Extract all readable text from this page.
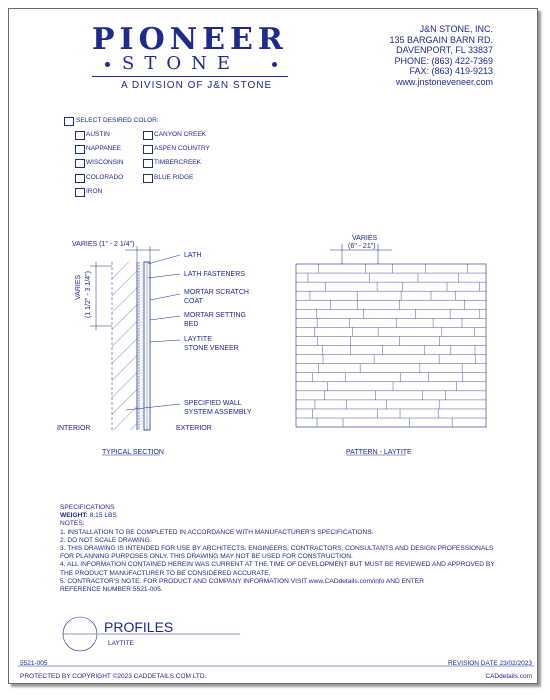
PIONEER
STONE
A DIVISION OF J&N STONE
J&N STONE, INC.
135 BARGAIN BARN RD.
DAVENPORT, FL 33837
PHONE: (863) 422-7369
FAX: (863) 419-9213
www.jnstoneveneer.com
SELECT DESIRED COLOR:
AUSTIN
NAPPANEE
WISCONSIN
COLORADO
IRON
CANYON CREEK
ASPEN COUNTRY
TIMBERCREEK
BLUE RIDGE
VARIES (1" - 2 1/4")
VARIES (1 1/2" - 3 1/4")
LATH
LATH FASTENERS
MORTAR SCRATCH
COAT
MORTAR SETTING
BED
LAYTITE
STONE VENEER
SPECIFIED WALL
SYSTEM ASSEMBLY
INTERIOR	EXTERIOR
TYPICAL SECTION
VARIES
(6" - 21")
PATTERN - LAYTITE
SPECIFICATIONS
WEIGHT: 8.15 LBS
NOTES:
1. INSTALLATION TO BE COMPLETED IN ACCORDANCE WITH MANUFACTURER'S SPECIFICATIONS.
2. DO NOT SCALE DRAWING.
3. THIS DRAWING IS INTENDED FOR USE BY ARCHITECTS, ENGINEERS, CONTRACTORS, CONSULTANTS AND DESIGN PROFESSIONALS
FOR PLANNING PURPOSES ONLY. THIS DRAWING MAY NOT BE USED FOR CONSTRUCTION.
4. ALL INFORMATION CONTAINED HEREIN WAS CURRENT AT THE TIME OF DEVELOPMENT BUT MUST BE REVIEWED AND APPROVED BY
THE PRODUCT MANUFACTURER TO BE CONSIDERED ACCURATE.
5. CONTRACTOR'S NOTE: FOR PRODUCT AND COMPANY INFORMATION VISIT www.CADdetails.com/info AND ENTER
REFERENCE NUMBER 5521-005.
PROFILES
LAYTITE
5521-005	REVISION DATE 23/02/2023
PROTECTED BY COPYRIGHT ©2023 CADDETAILS.COM LTD.	CADdetails.com
